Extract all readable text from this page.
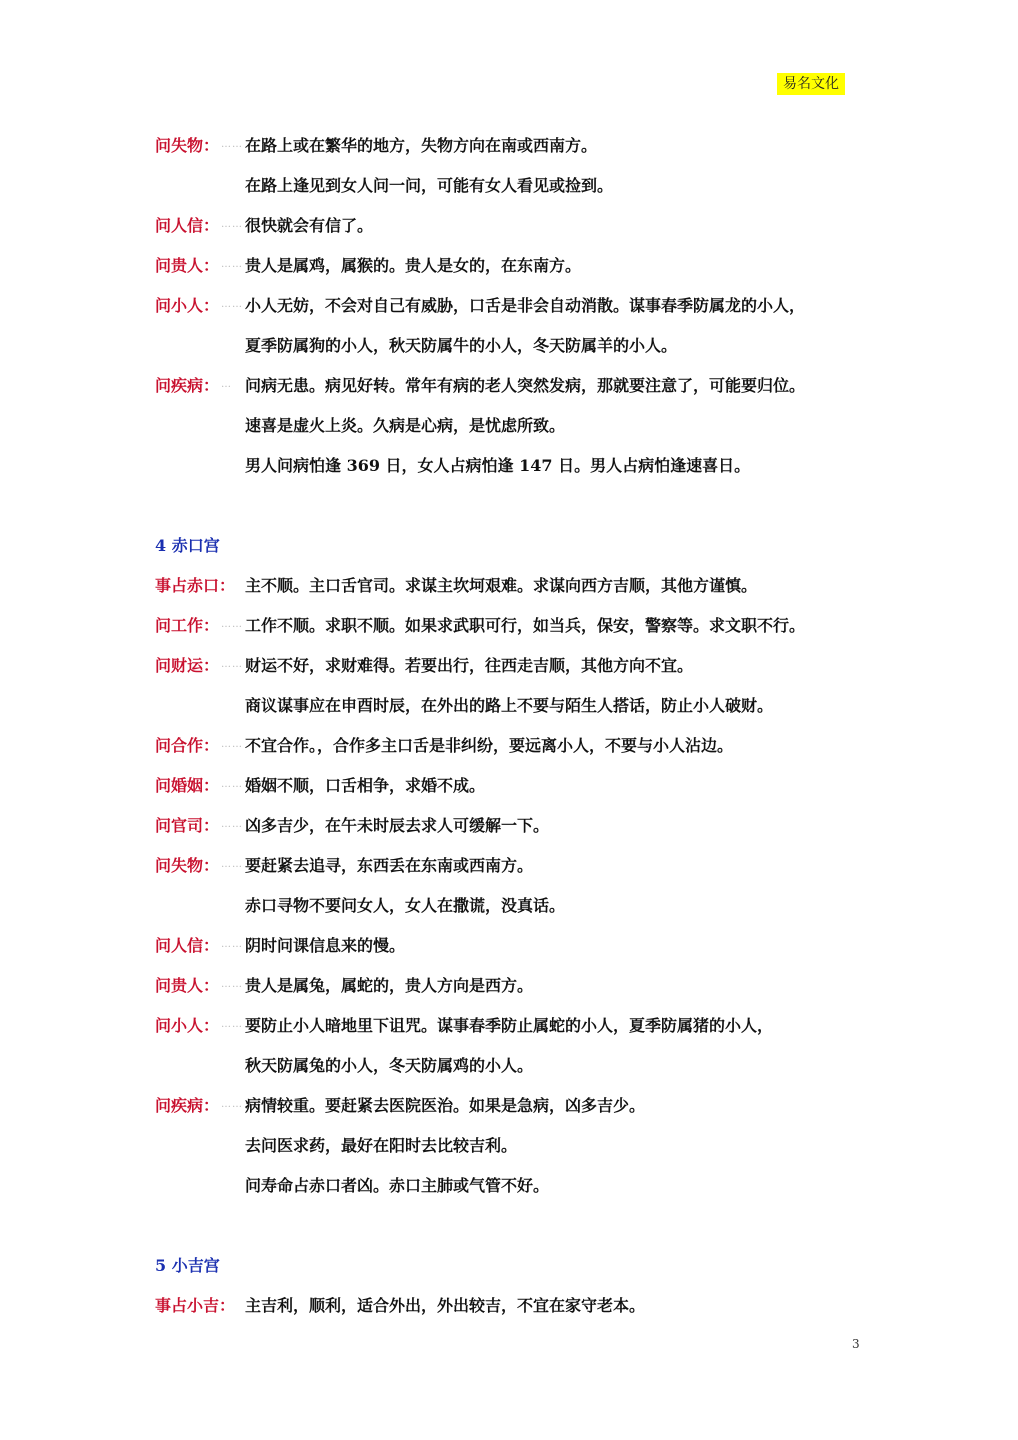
易名文化
问失物： …… 在路上或在繁华的地方，失物方向在南或西南方。
在路上逢见到女人问一问，可能有女人看见或捡到。
问人信： …… 很快就会有信了。
问贵人： …… 贵人是属鸡，属猴的。贵人是女的，在东南方。
问小人： …… 小人无妨，不会对自己有威胁，口舌是非会自动消散。谋事春季防属龙的小人，
夏季防属狗的小人，秋天防属牛的小人，冬天防属羊的小人。
问疾病： … 问病无患。病见好转。常年有病的老人突然发病，那就要注意了，可能要归位。
速喜是虚火上炎。久病是心病，是忧虑所致。
男人问病怕逢 369 日，女人占病怕逢 147 日。男人占病怕逢速喜日。
4 赤口宫
事占赤口： 主不顺。主口舌官司。求谋主坎坷艰难。求谋向西方吉顺，其他方谨慎。
问工作： …… 工作不顺。求职不顺。如果求武职可行，如当兵，保安，警察等。求文职不行。
问财运： …… 财运不好，求财难得。若要出行，往西走吉顺，其他方向不宜。
商议谋事应在申酉时辰，在外出的路上不要与陌生人搭话，防止小人破财。
问合作： …… 不宜合作。，合作多主口舌是非纠纷，要远离小人，不要与小人沾边。
问婚姻： …… 婚姻不顺，口舌相争，求婚不成。
问官司： …… 凶多吉少，在午未时辰去求人可缓解一下。
问失物： …… 要赶紧去追寻，东西丢在东南或西南方。
赤口寻物不要问女人，女人在撒谎，没真话。
问人信： …… 阴时问课信息来的慢。
问贵人： …… 贵人是属兔，属蛇的，贵人方向是西方。
问小人： …… 要防止小人暗地里下诅咒。谋事春季防止属蛇的小人，夏季防属猪的小人，
秋天防属兔的小人，冬天防属鸡的小人。
问疾病： …… 病情较重。要赶紧去医院医治。如果是急病，凶多吉少。
去问医求药，最好在阳时去比较吉利。
问寿命占赤口者凶。赤口主肺或气管不好。
5 小吉宫
事占小吉： 主吉利，顺利，适合外出，外出较吉，不宜在家守老本。
3
